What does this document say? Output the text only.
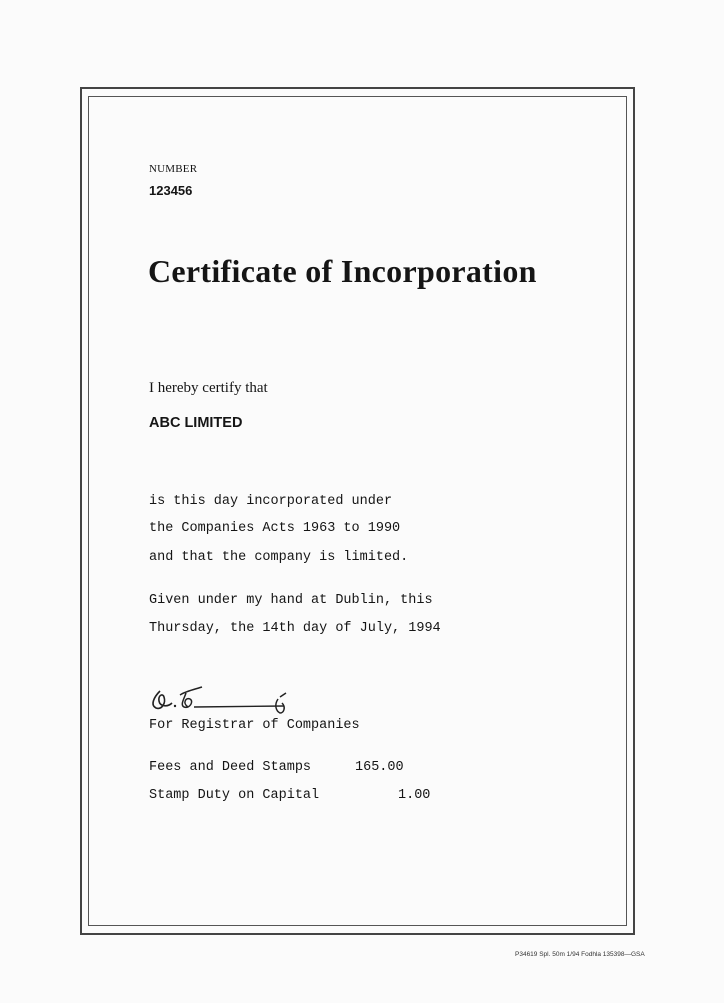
NUMBER
123456
Certificate of Incorporation
I hereby certify that
ABC LIMITED
is this day incorporated under
the Companies Acts 1963 to 1990
and that the company is limited.
Given under my hand at Dublin, this
Thursday, the 14th day of July, 1994
For Registrar of Companies
Fees and Deed Stamps	165.00
Stamp Duty on Capital	1.00
P34619 Spl. 50m 1/94 Fodhla 135398—GSA
